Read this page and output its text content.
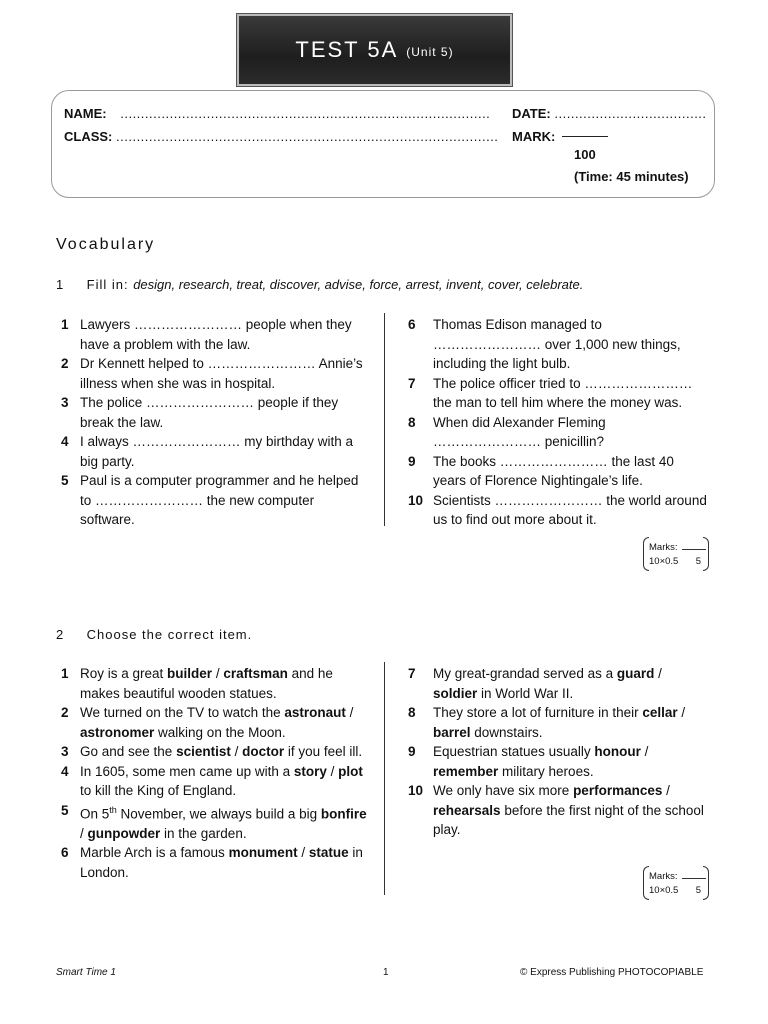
TEST 5A (Unit 5)
NAME: .......................................................................................... DATE: .....................................
CLASS: ............................................................................................. MARK:
100
(Time: 45 minutes)
Vocabulary
1 Fill in: design, research, treat, discover, advise, force, arrest, invent, cover, celebrate.
1 Lawyers …………………… people when they have a problem with the law.
2 Dr Kennett helped to …………………… Annie’s illness when she was in hospital.
3 The police …………………… people if they break the law.
4 I always …………………… my birthday with a big party.
5 Paul is a computer programmer and he helped to …………………… the new computer software.
6	Thomas Edison managed to …………………… over 1,000 new things, including the light bulb.
7	The police officer tried to …………………… the man to tell him where the money was.
8	When did Alexander Fleming …………………… penicillin?
9	The books …………………… the last 40 years of Florence Nightingale’s life.
10 Scientists …………………… the world around us to find out more about it.
Marks:
10×0.5 5
2 Choose the correct item.
1 Roy is a great builder / craftsman and he makes beautiful wooden statues.
2 We turned on the TV to watch the astronaut / astronomer walking on the Moon.
3 Go and see the scientist / doctor if you feel ill.
4 In 1605, some men came up with a story / plot to kill the King of England.
5 On 5th November, we always build a big bonfire / gunpowder in the garden.
6 Marble Arch is a famous monument / statue in London.
7	My great-grandad served as a guard / soldier in World War II.
8	They store a lot of furniture in their cellar / barrel downstairs.
9	Equestrian statues usually honour / remember military heroes.
10 We only have six more performances / rehearsals before the first night of the school play.
Marks:
10×0.5 5
Smart Time 1	1	© Express Publishing PHOTOCOPIABLE
